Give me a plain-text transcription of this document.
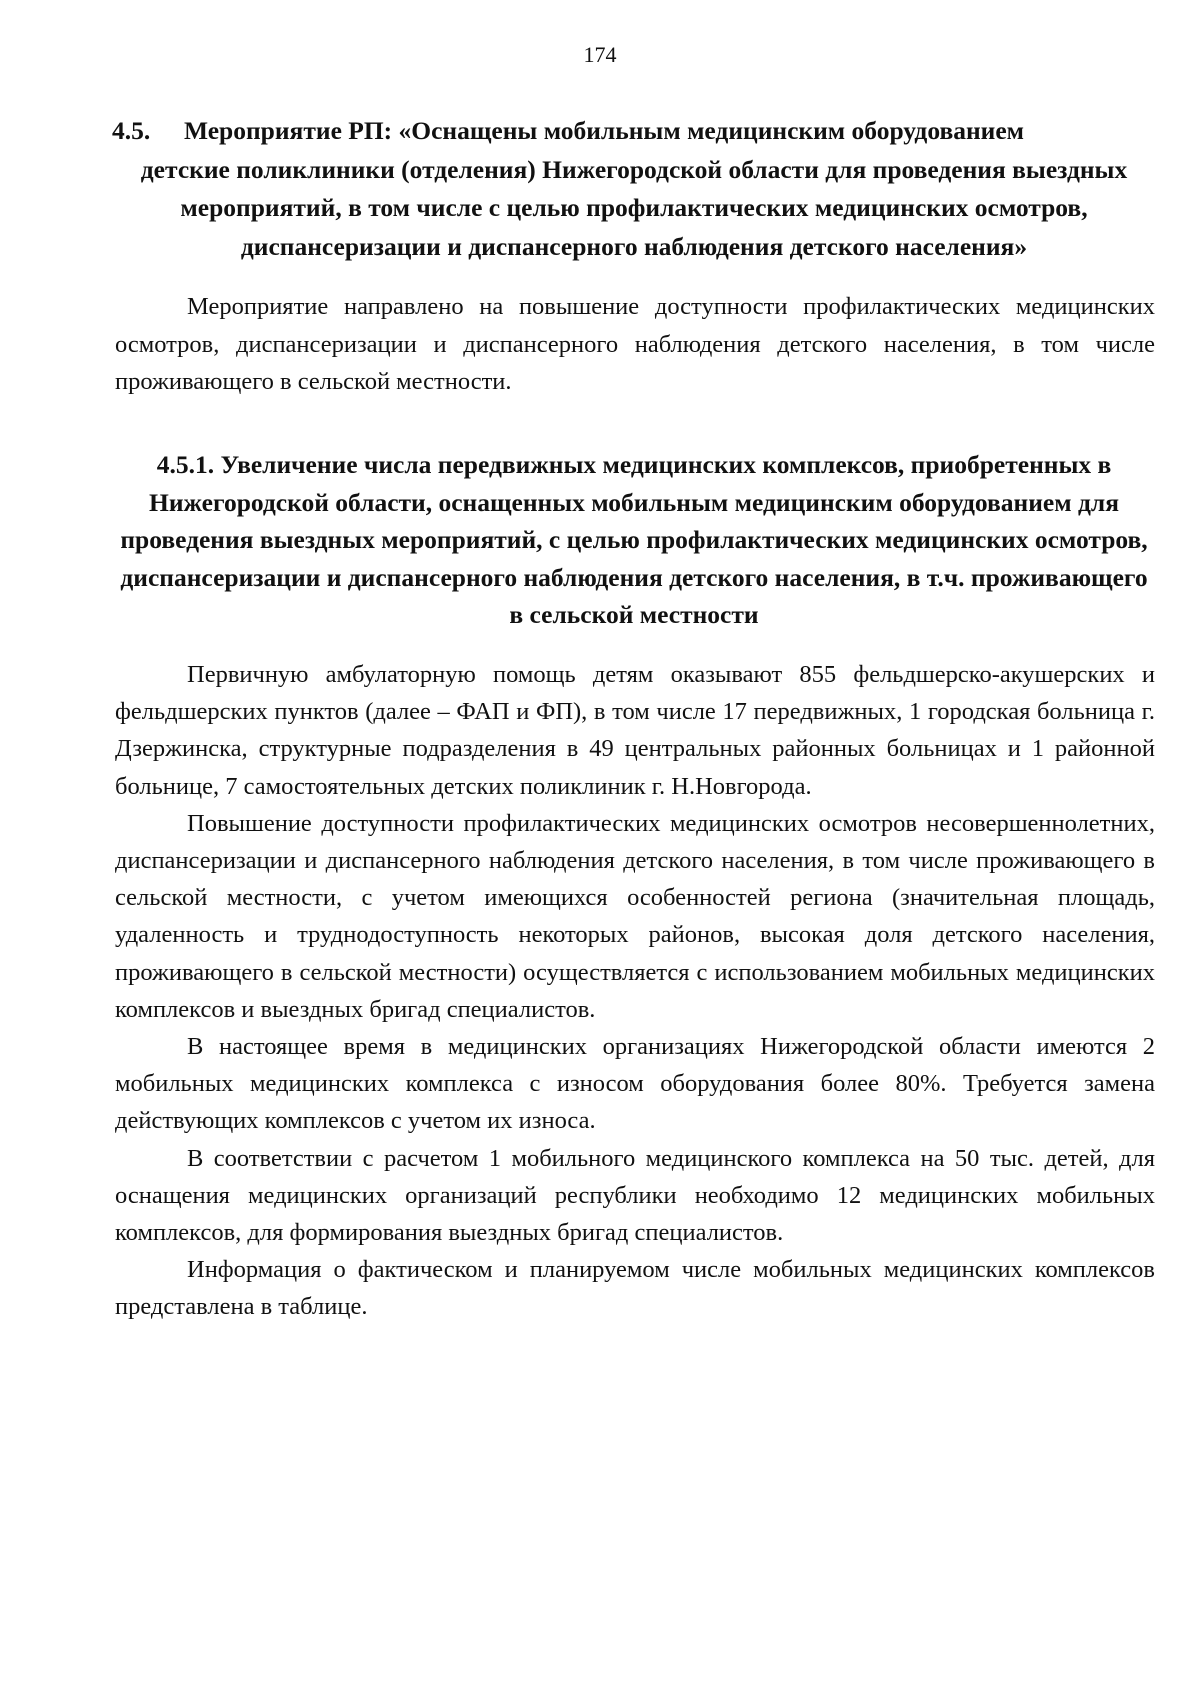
174
4.5. Мероприятие РП: «Оснащены мобильным медицинским оборудованием
детские поликлиники (отделения) Нижегородской области для проведения выездных мероприятий, в том числе с целью профилактических медицинских осмотров, диспансеризации и диспансерного наблюдения детского населения»
Мероприятие направлено на повышение доступности профилактических медицинских осмотров, диспансеризации и диспансерного наблюдения детского населения, в том числе проживающего в сельской местности.
4.5.1. Увеличение числа передвижных медицинских комплексов, приобретенных в Нижегородской области, оснащенных мобильным медицинским оборудованием для проведения выездных мероприятий, с целью профилактических медицинских осмотров, диспансеризации и диспансерного наблюдения детского населения, в т.ч. проживающего в сельской местности

Первичную амбулаторную помощь детям оказывают 855 фельдшерско-акушерских и фельдшерских пунктов (далее – ФАП и ФП), в том числе 17 передвижных, 1 городская больница г. Дзержинска, структурные подразделения в 49 центральных районных больницах и 1 районной больнице, 7 самостоятельных детских поликлиник г. Н.Новгорода.

Повышение доступности профилактических медицинских осмотров несовершеннолетних, диспансеризации и диспансерного наблюдения детского населения, в том числе проживающего в сельской местности, с учетом имеющихся особенностей региона (значительная площадь, удаленность и труднодоступность некоторых районов, высокая доля детского населения, проживающего в сельской местности) осуществляется с использованием мобильных медицинских комплексов и выездных бригад специалистов.

В настоящее время в медицинских организациях Нижегородской области имеются 2 мобильных медицинских комплекса с износом оборудования более 80%. Требуется замена действующих комплексов с учетом их износа.

В соответствии с расчетом 1 мобильного медицинского комплекса на 50 тыс. детей, для оснащения медицинских организаций республики необходимо 12 медицинских мобильных комплексов, для формирования выездных бригад специалистов.

Информация о фактическом и планируемом числе мобильных медицинских комплексов представлена в таблице.
